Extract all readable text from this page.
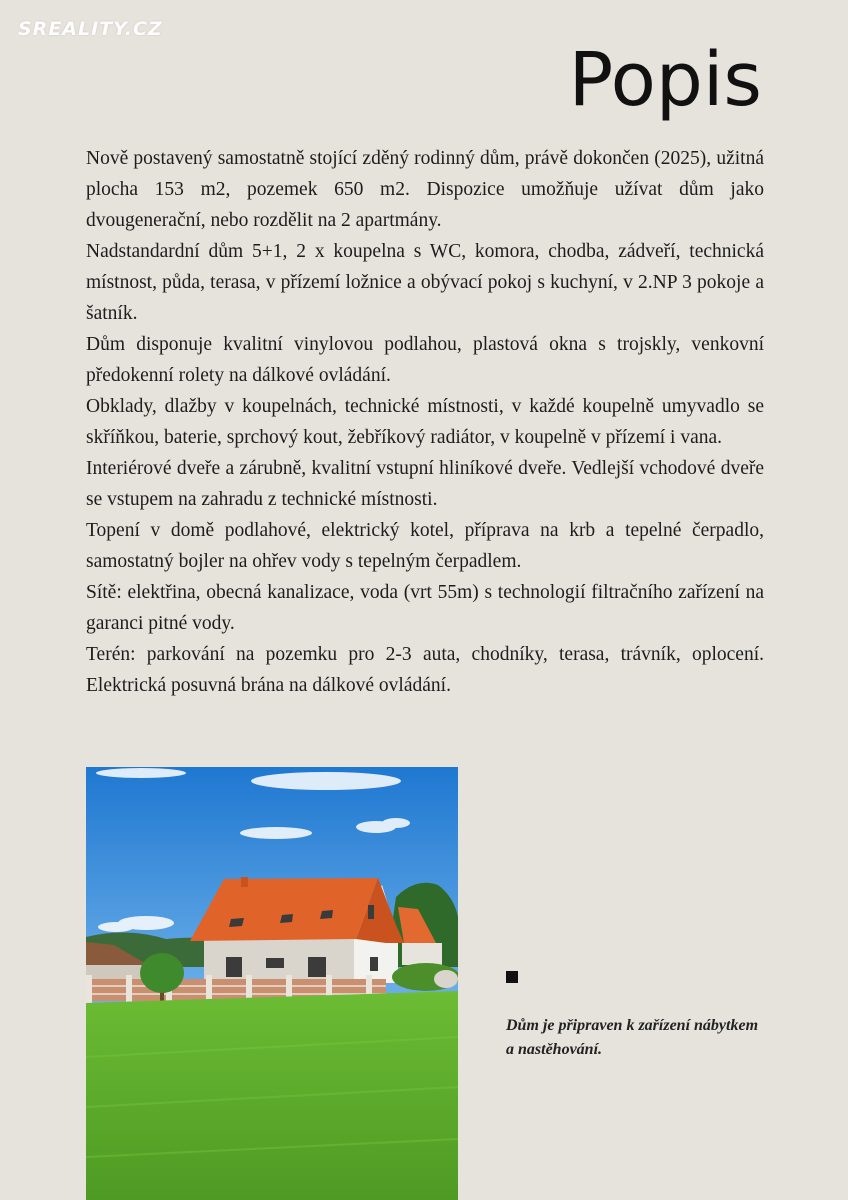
SREALITY.CZ
Popis

Nově postavený samostatně stojící zděný rodinný dům, právě dokončen (2025), užitná plocha 153 m2, pozemek 650 m2. Dispozice umožňuje užívat dům jako dvougenerační, nebo rozdělit na 2 apartmány.

Nadstandardní dům 5+1, 2 x koupelna s WC, komora, chodba, zádveří, technická místnost, půda, terasa, v přízemí ložnice a obývací pokoj s kuchyní, v 2.NP 3 pokoje a šatník.

Dům disponuje kvalitní vinylovou podlahou, plastová okna s trojskly, venkovní předokenní rolety na dálkové ovládání.

Obklady, dlažby v koupelnách, technické místnosti, v každé koupelně umyvadlo se skříňkou, baterie, sprchový kout, žebříkový radiátor, v koupelně v přízemí i vana.

Interiérové dveře a zárubně, kvalitní vstupní hliníkové dveře. Vedlejší vchodové dveře se vstupem na zahradu z technické místnosti.

Topení v domě podlahové, elektrický kotel, příprava na krb a tepelné čerpadlo, samostatný bojler na ohřev vody s tepelným čerpadlem.

Sítě: elektřina, obecná kanalizace, voda (vrt 55m) s technologií filtračního zařízení na garanci pitné vody.

Terén: parkování na pozemku pro 2-3 auta, chodníky, terasa, trávník, oplocení. Elektrická posuvná brána na dálkové ovládání.

Dům je připraven k zařízení nábytkem a nastěhování.
